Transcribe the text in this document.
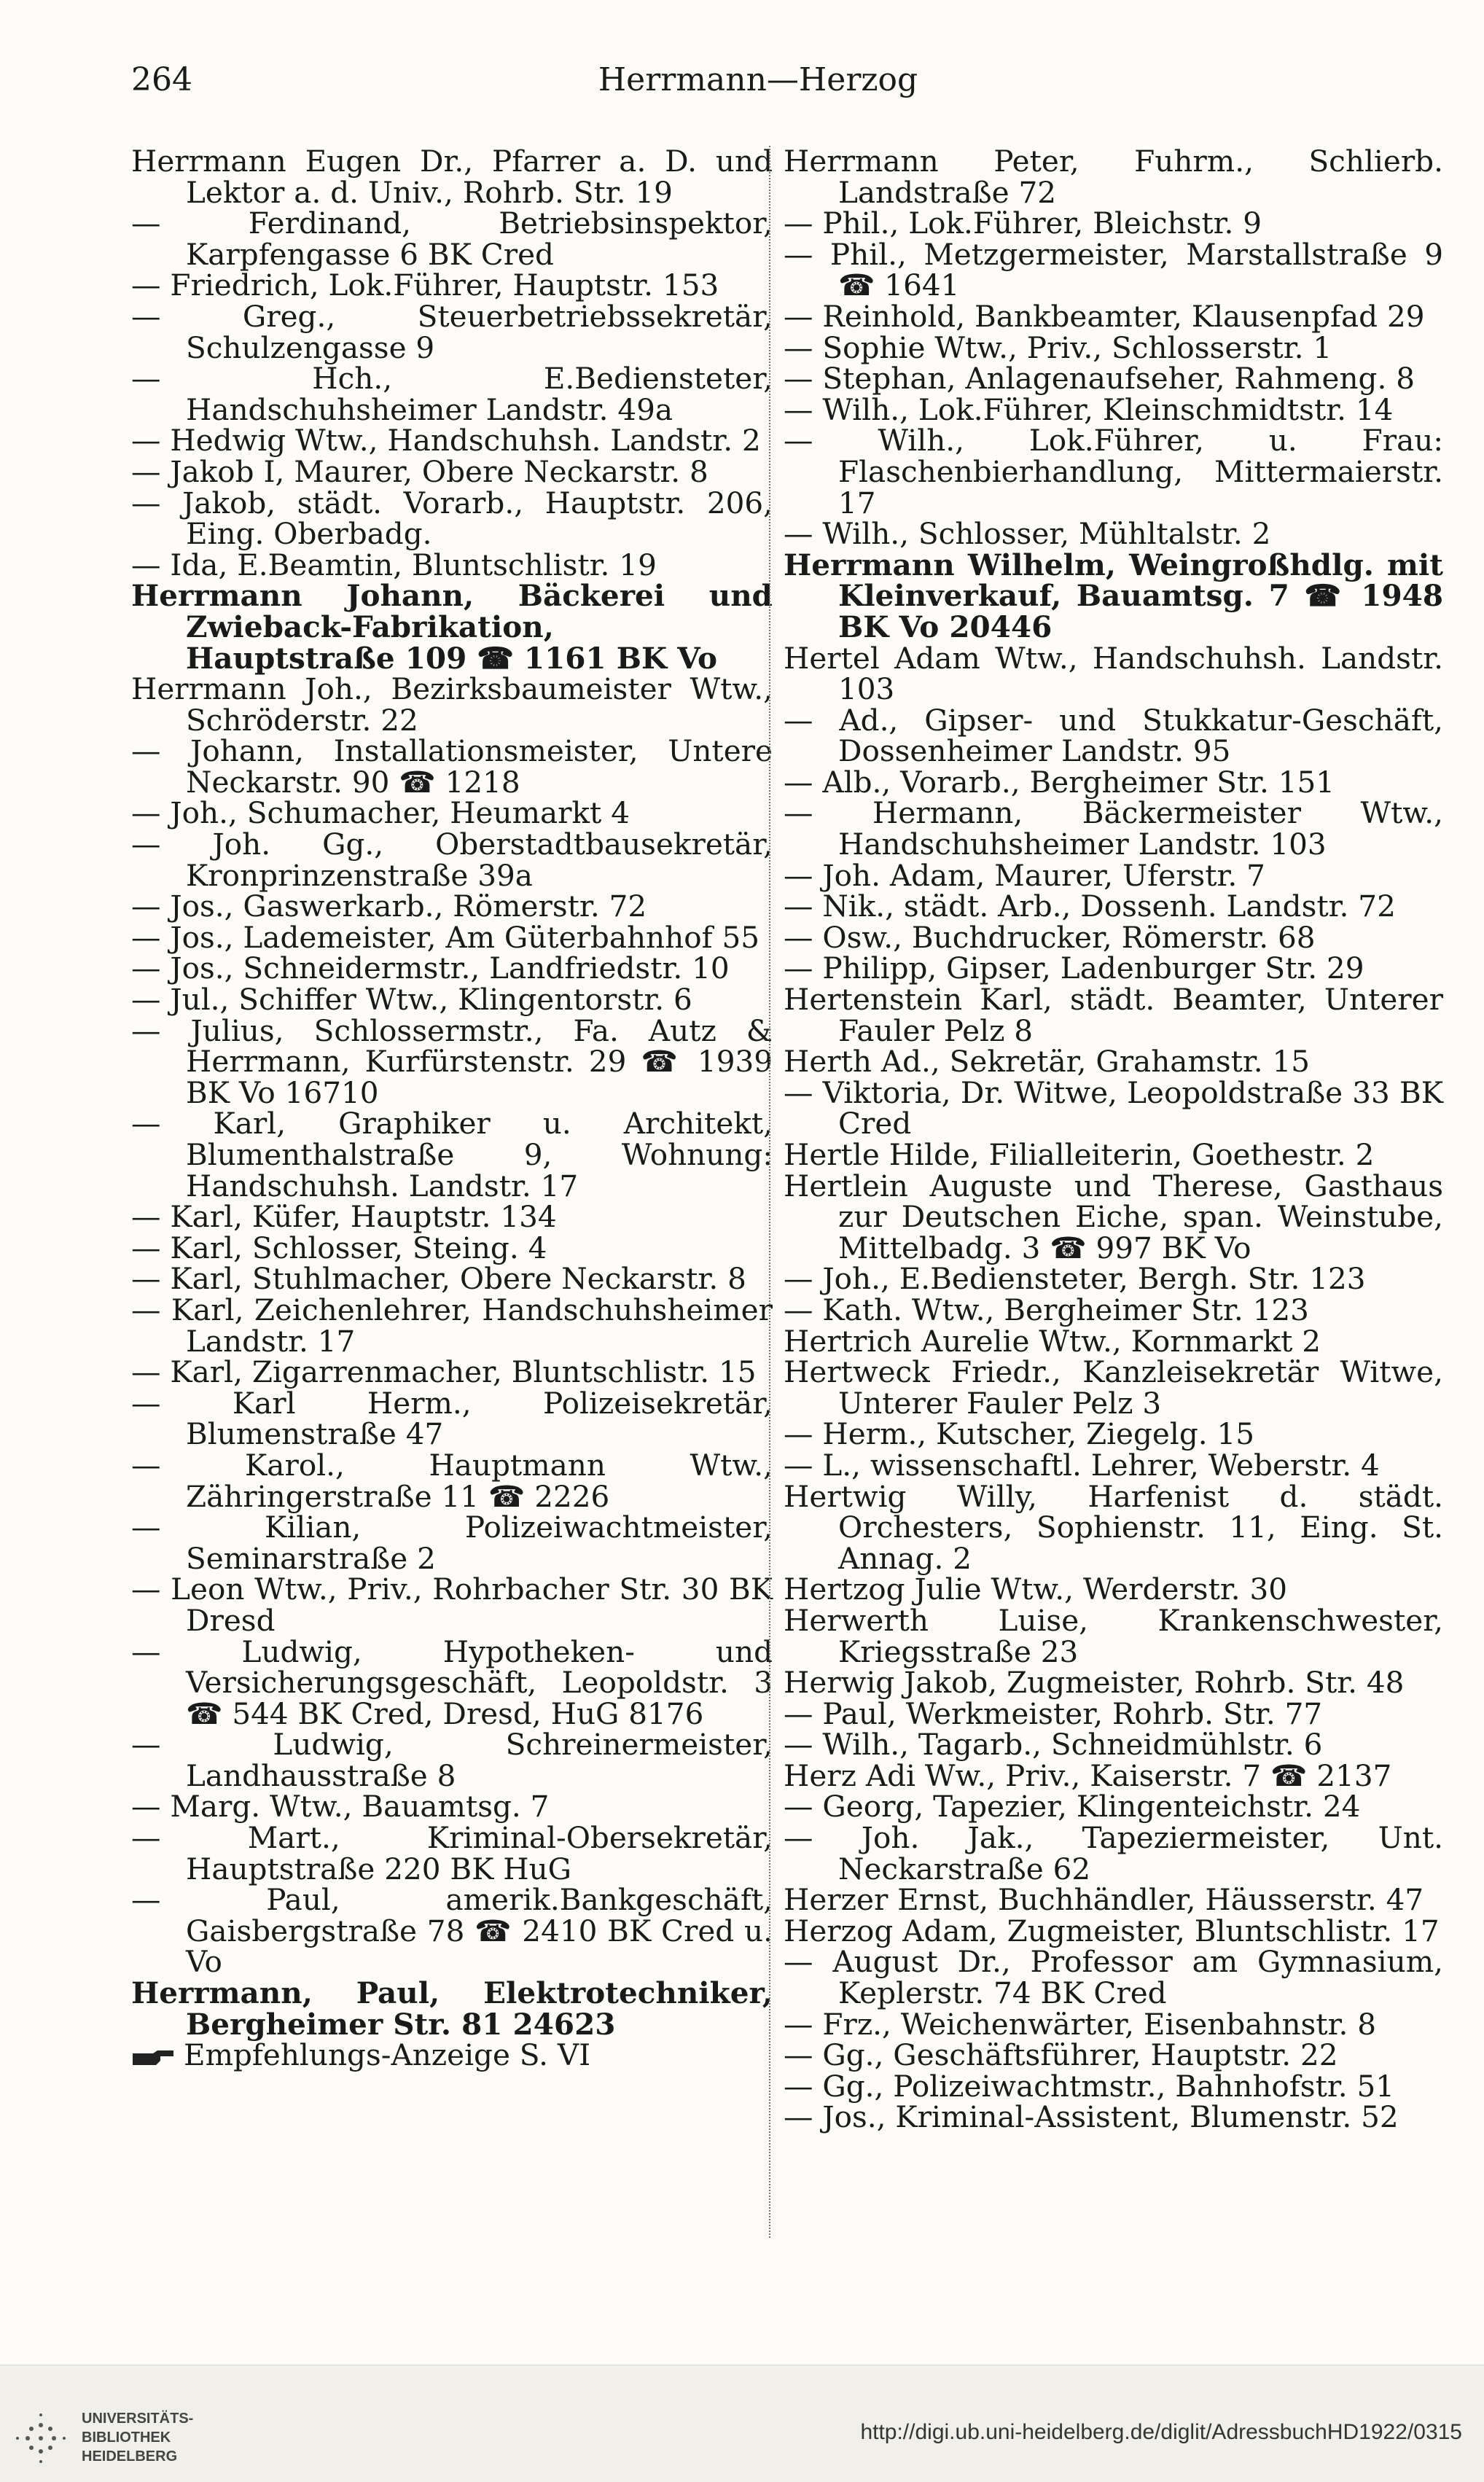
264	Herrmann—Herzog
Herrmann Eugen Dr., Pfarrer a. D. und Lektor a. d. Univ., Rohrb. Str. 19
— Ferdinand, Betriebsinspektor, Karpfengasse 6 BK Cred
— Friedrich, Lok.Führer, Hauptstr. 153
— Greg., Steuerbetriebssekretär, Schulzengasse 9
— Hch., E.Bediensteter, Handschuhsheimer Landstr. 49a
— Hedwig Wtw., Handschuhsh. Landstr. 2
— Jakob I, Maurer, Obere Neckarstr. 8
— Jakob, städt. Vorarb., Hauptstr. 206, Eing. Oberbadg.
— Ida, E.Beamtin, Bluntschlistr. 19
Herrmann Johann, Bäckerei und Zwieback-Fabrikation, Hauptstraße 109 ☎ 1161 BK Vo
Herrmann Joh., Bezirksbaumeister Wtw., Schröderstr. 22
— Johann, Installationsmeister, Untere Neckarstr. 90 ☎ 1218
— Joh., Schumacher, Heumarkt 4
— Joh. Gg., Oberstadtbausekretär, Kronprinzenstraße 39a
— Jos., Gaswerkarb., Römerstr. 72
— Jos., Lademeister, Am Güterbahnhof 55
— Jos., Schneidermstr., Landfriedstr. 10
— Jul., Schiffer Wtw., Klingentorstr. 6
— Julius, Schlossermstr., Fa. Autz & Herrmann, Kurfürstenstr. 29 ☎ 1939 BK Vo 16710
— Karl, Graphiker u. Architekt, Blumenthalstraße 9, Wohnung: Handschuhsh. Landstr. 17
— Karl, Küfer, Hauptstr. 134
— Karl, Schlosser, Steing. 4
— Karl, Stuhlmacher, Obere Neckarstr. 8
— Karl, Zeichenlehrer, Handschuhsheimer Landstr. 17
— Karl, Zigarrenmacher, Bluntschlistr. 15
— Karl Herm., Polizeisekretär, Blumenstraße 47
— Karol., Hauptmann Wtw., Zähringerstraße 11 ☎ 2226
— Kilian, Polizeiwachtmeister, Seminarstraße 2
— Leon Wtw., Priv., Rohrbacher Str. 30 BK Dresd
— Ludwig, Hypotheken- und Versicherungsgeschäft, Leopoldstr. 3 ☎ 544 BK Cred, Dresd, HuG 8176
— Ludwig, Schreinermeister, Landhausstraße 8
— Marg. Wtw., Bauamtsg. 7
— Mart., Kriminal-Obersekretär, Hauptstraße 220 BK HuG
— Paul, amerik.Bankgeschäft, Gaisbergstraße 78 ☎ 2410 BK Cred u. Vo
Herrmann, Paul, Elektrotechniker, Bergheimer Str. 81 24623
Empfehlungs-Anzeige S. VI
Herrmann Peter, Fuhrm., Schlierb. Landstraße 72
— Phil., Lok.Führer, Bleichstr. 9
— Phil., Metzgermeister, Marstallstraße 9 ☎ 1641
— Reinhold, Bankbeamter, Klausenpfad 29
— Sophie Wtw., Priv., Schlosserstr. 1
— Stephan, Anlagenaufseher, Rahmeng. 8
— Wilh., Lok.Führer, Kleinschmidtstr. 14
— Wilh., Lok.Führer, u. Frau: Flaschenbierhandlung, Mittermaierstr. 17
— Wilh., Schlosser, Mühltalstr. 2
Herrmann Wilhelm, Weingroßhdlg. mit Kleinverkauf, Bauamtsg. 7 ☎ 1948 BK Vo 20446
Hertel Adam Wtw., Handschuhsh. Landstr. 103
— Ad., Gipser- und Stukkatur-Geschäft, Dossenheimer Landstr. 95
— Alb., Vorarb., Bergheimer Str. 151
— Hermann, Bäckermeister Wtw., Handschuhsheimer Landstr. 103
— Joh. Adam, Maurer, Uferstr. 7
— Nik., städt. Arb., Dossenh. Landstr. 72
— Osw., Buchdrucker, Römerstr. 68
— Philipp, Gipser, Ladenburger Str. 29
Hertenstein Karl, städt. Beamter, Unterer Fauler Pelz 8
Herth Ad., Sekretär, Grahamstr. 15
— Viktoria, Dr. Witwe, Leopoldstraße 33 BK Cred
Hertle Hilde, Filialleiterin, Goethestr. 2
Hertlein Auguste und Therese, Gasthaus zur Deutschen Eiche, span. Weinstube, Mittelbadg. 3 ☎ 997 BK Vo
— Joh., E.Bediensteter, Bergh. Str. 123
— Kath. Wtw., Bergheimer Str. 123
Hertrich Aurelie Wtw., Kornmarkt 2
Hertweck Friedr., Kanzleisekretär Witwe, Unterer Fauler Pelz 3
— Herm., Kutscher, Ziegelg. 15
— L., wissenschaftl. Lehrer, Weberstr. 4
Hertwig Willy, Harfenist d. städt. Orchesters, Sophienstr. 11, Eing. St. Annag. 2
Hertzog Julie Wtw., Werderstr. 30
Herwerth Luise, Krankenschwester, Kriegsstraße 23
Herwig Jakob, Zugmeister, Rohrb. Str. 48
— Paul, Werkmeister, Rohrb. Str. 77
— Wilh., Tagarb., Schneidmühlstr. 6
Herz Adi Ww., Priv., Kaiserstr. 7 ☎ 2137
— Georg, Tapezier, Klingenteichstr. 24
— Joh. Jak., Tapeziermeister, Unt. Neckarstraße 62
Herzer Ernst, Buchhändler, Häusserstr. 47
Herzog Adam, Zugmeister, Bluntschlistr. 17
— August Dr., Professor am Gymnasium, Keplerstr. 74 BK Cred
— Frz., Weichenwärter, Eisenbahnstr. 8
— Gg., Geschäftsführer, Hauptstr. 22
— Gg., Polizeiwachtmstr., Bahnhofstr. 51
— Jos., Kriminal-Assistent, Blumenstr. 52
UNIVERSITÄTS-
BIBLIOTHEK
HEIDELBERG
http://digi.ub.uni-heidelberg.de/diglit/AdressbuchHD1922/0315
